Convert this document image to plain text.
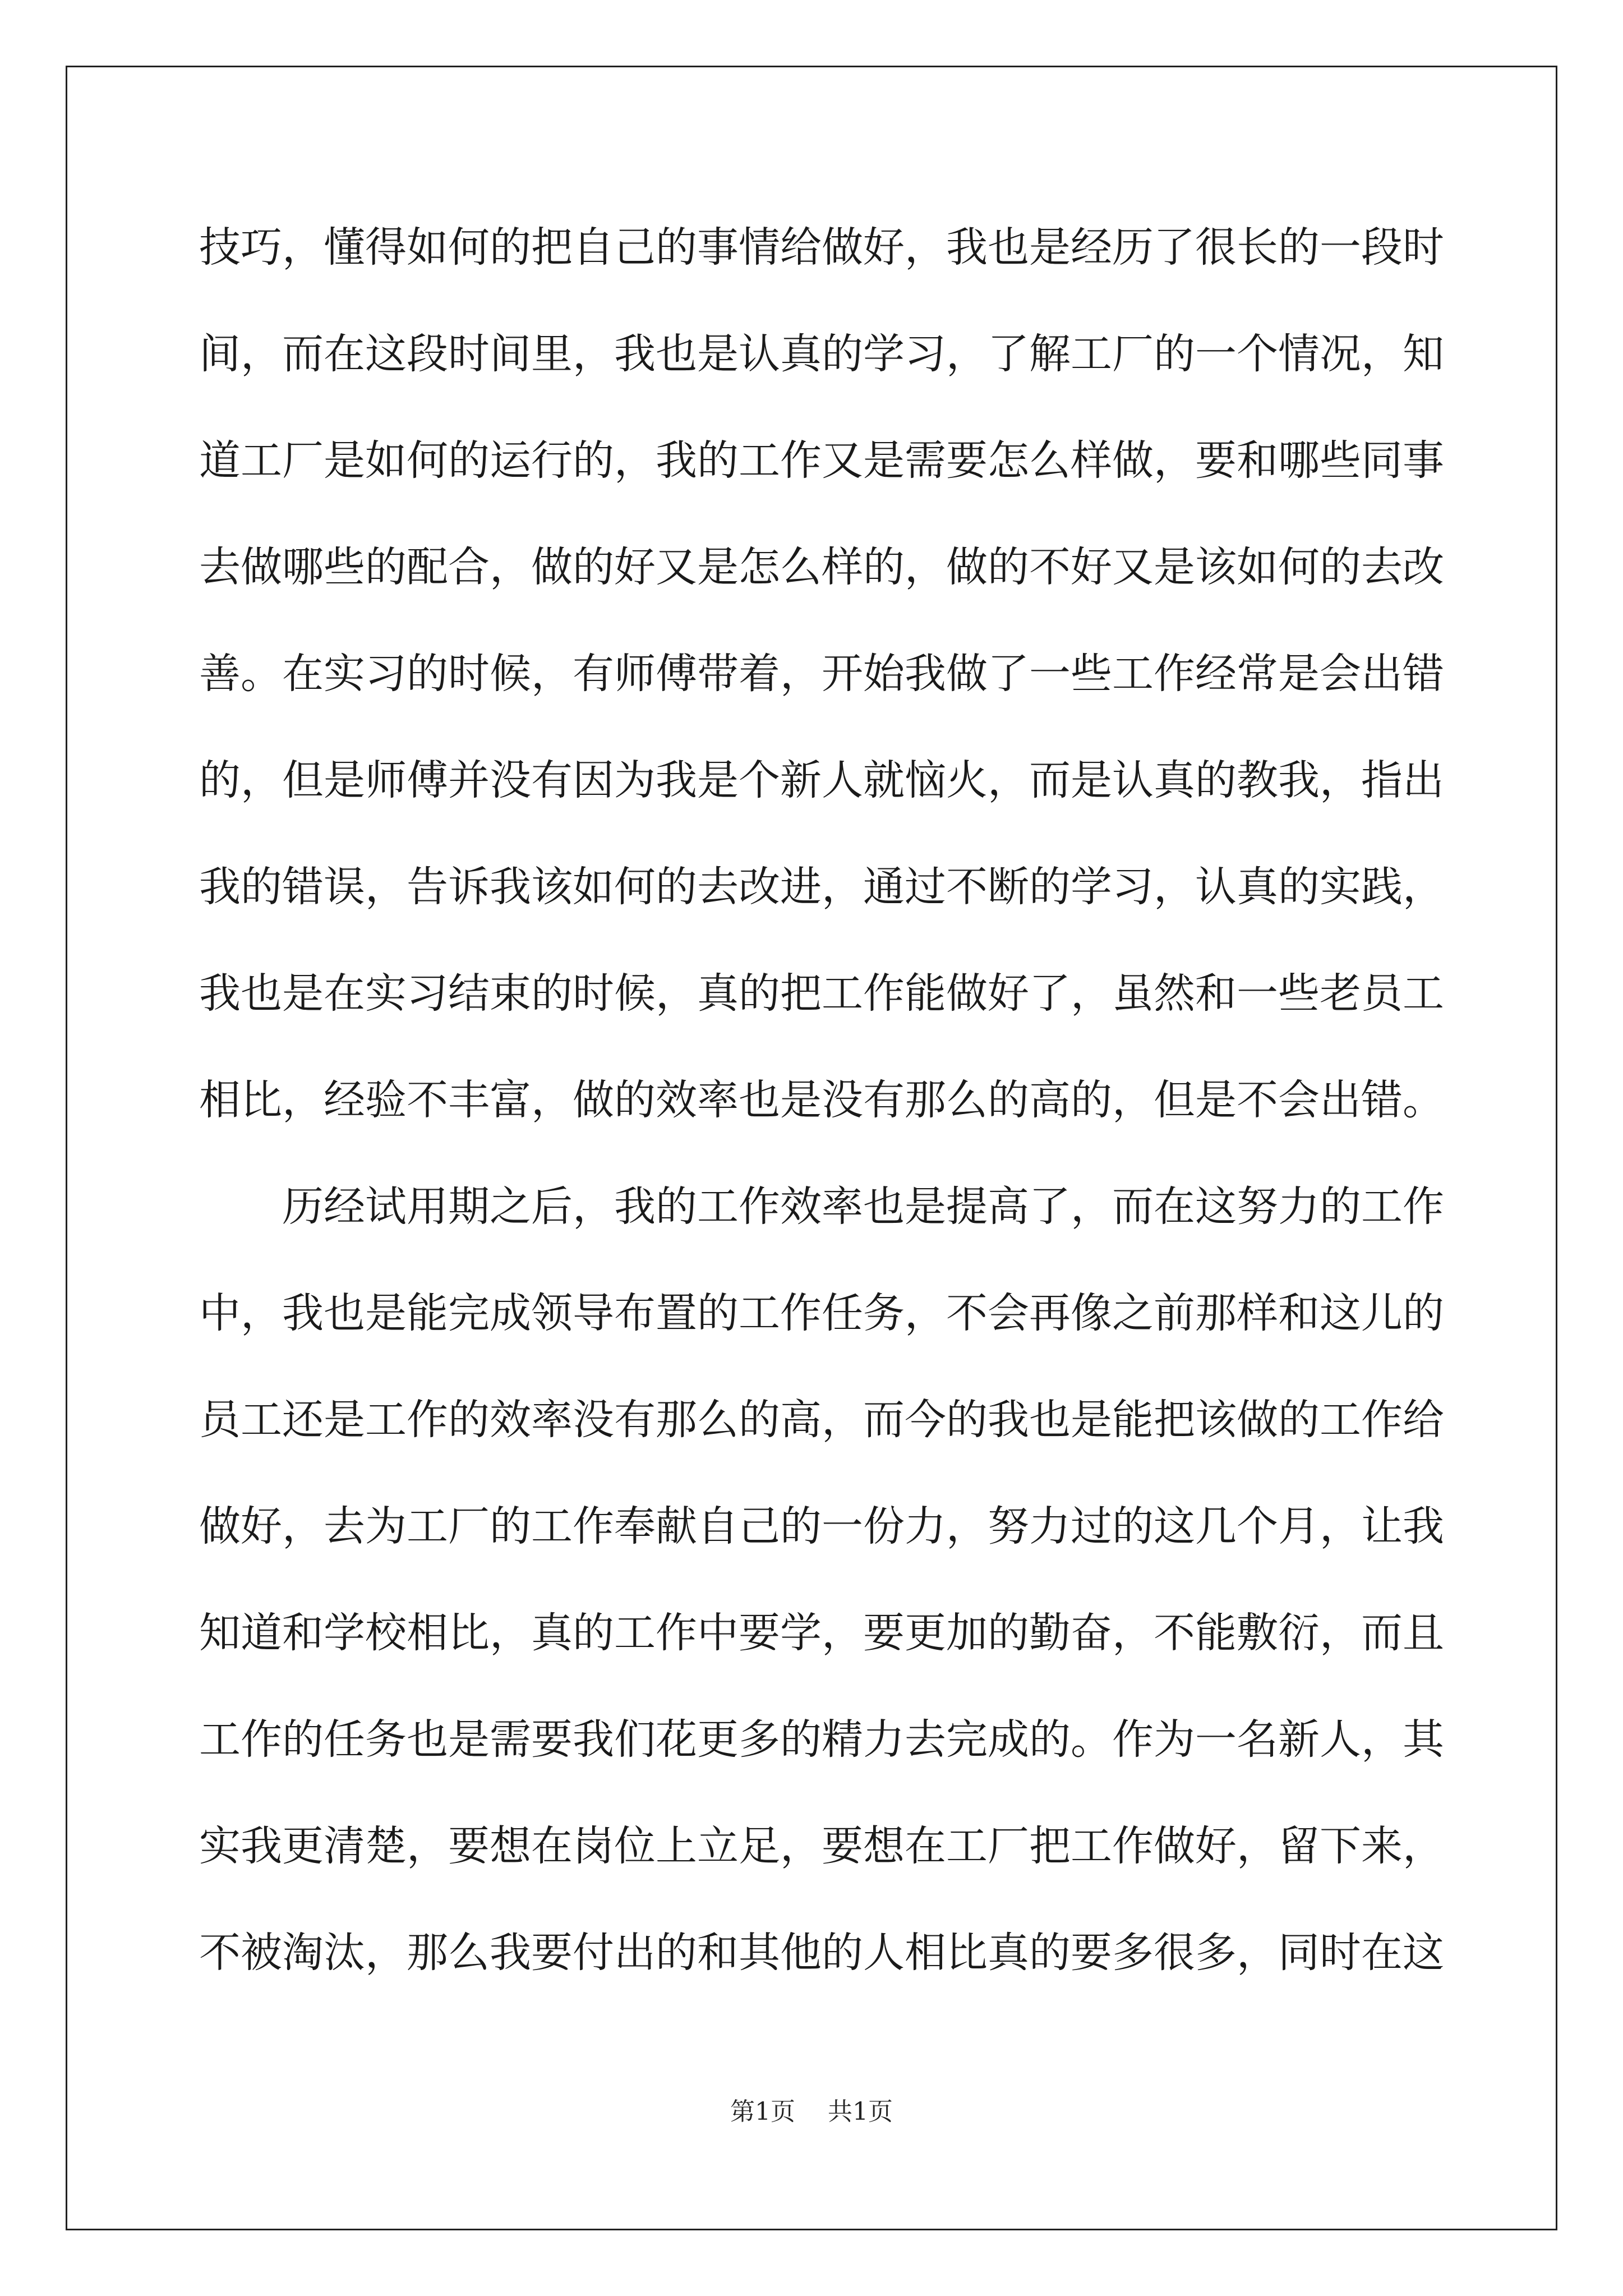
技巧，懂得如何的把自己的事情给做好，我也是经历了很长的一段时
间，而在这段时间里，我也是认真的学习，了解工厂的一个情况，知
道工厂是如何的运行的，我的工作又是需要怎么样做，要和哪些同事
去做哪些的配合，做的好又是怎么样的，做的不好又是该如何的去改
善。在实习的时候，有师傅带着，开始我做了一些工作经常是会出错
的，但是师傅并没有因为我是个新人就恼火，而是认真的教我，指出
我的错误，告诉我该如何的去改进，通过不断的学习，认真的实践，
我也是在实习结束的时候，真的把工作能做好了，虽然和一些老员工
相比，经验不丰富，做的效率也是没有那么的高的，但是不会出错。
历经试用期之后，我的工作效率也是提高了，而在这努力的工作
中，我也是能完成领导布置的工作任务，不会再像之前那样和这儿的
员工还是工作的效率没有那么的高，而今的我也是能把该做的工作给
做好，去为工厂的工作奉献自己的一份力，努力过的这几个月，让我
知道和学校相比，真的工作中要学，要更加的勤奋，不能敷衍，而且
工作的任务也是需要我们花更多的精力去完成的。作为一名新人，其
实我更清楚，要想在岗位上立足，要想在工厂把工作做好，留下来，
不被淘汰，那么我要付出的和其他的人相比真的要多很多，同时在这
第1页 共1页
